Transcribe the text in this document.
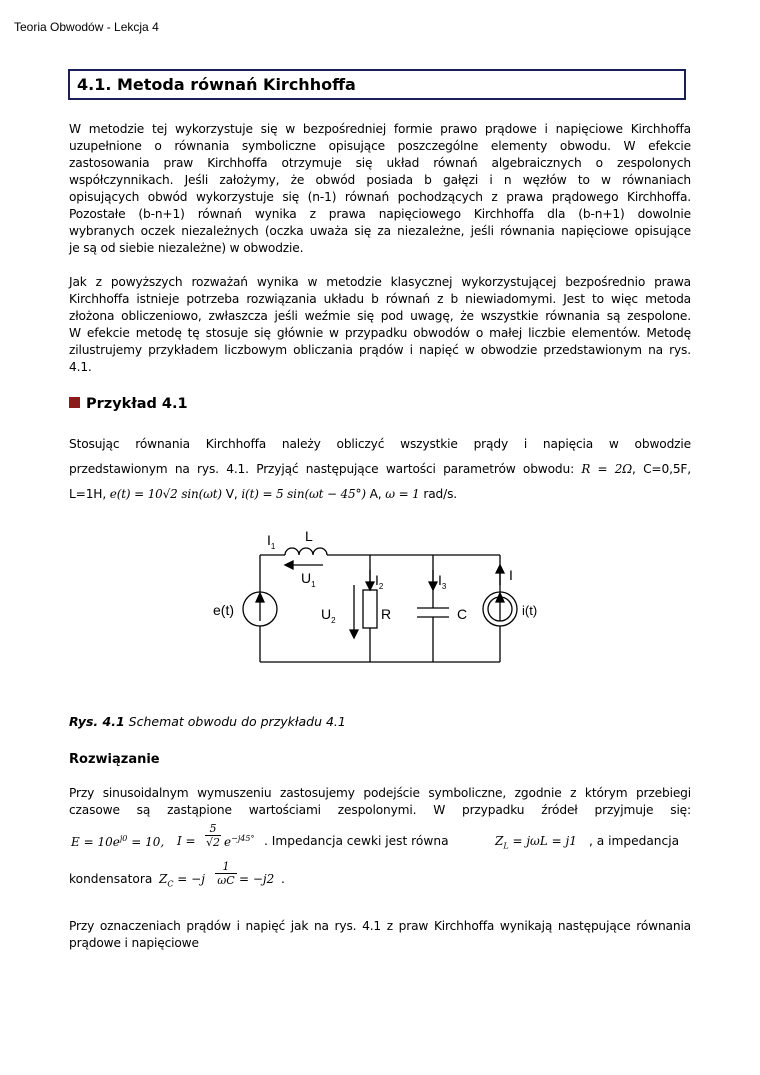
Teoria Obwodów - Lekcja 4
4.1. Metoda równań Kirchhoffa
W metodzie tej wykorzystuje się w bezpośredniej formie prawo prądowe i napięciowe Kirchhoffa
uzupełnione o równania symboliczne opisujące poszczególne elementy obwodu. W efekcie
zastosowania praw Kirchhoffa otrzymuje się układ równań algebraicznych o zespolonych
współczynnikach. Jeśli założymy, że obwód posiada b gałęzi i n węzłów to w równaniach
opisujących obwód wykorzystuje się (n-1) równań pochodzących z prawa prądowego Kirchhoffa.
Pozostałe (b-n+1) równań wynika z prawa napięciowego Kirchhoffa dla (b-n+1) dowolnie
wybranych oczek niezależnych (oczka uważa się za niezależne, jeśli równania napięciowe opisujące
je są od siebie niezależne) w obwodzie.
Jak z powyższych rozważań wynika w metodzie klasycznej wykorzystującej bezpośrednio prawa
Kirchhoffa istnieje potrzeba rozwiązania układu b równań z b niewiadomymi. Jest to więc metoda
złożona obliczeniowo, zwłaszcza jeśli weźmie się pod uwagę, że wszystkie równania są zespolone.
W efekcie metodę tę stosuje się głównie w przypadku obwodów o małej liczbie elementów. Metodę
zilustrujemy przykładem liczbowym obliczania prądów i napięć w obwodzie przedstawionym na rys.
4.1.
Przykład 4.1
Stosując równania Kirchhoffa należy obliczyć wszystkie prądy i napięcia w obwodzie
przedstawionym na rys. 4.1. Przyjąć następujące wartości parametrów obwodu: R = 2Ω, C=0,5F,
L=1H, e(t) = 10√2 sin(ωt) V, i(t) = 5 sin(ωt − 45°) A, ω = 1 rad/s.
$I_1$
L
$U_1$	$I_2$	$I_3$
I
e(t)	$U_2$	R	C	i(t)
Rys. 4.1 Schemat obwodu do przykładu 4.1
Rozwiązanie
Przy sinusoidalnym wymuszeniu zastosujemy podejście symboliczne, zgodnie z którym przebiegi
czasowe są zastąpione wartościami zespolonymi. W przypadku źródeł przyjmuje się:
$E = 10e^{j0} = 10$, I =
5
√2 $e^{-j45^\circ}$ . Impedancja cewki jest równa	$Z_L = j\omega L = j1$ , a impedancja
kondensatora $Z_C = -j$
1
ωC = −j2 .
Przy oznaczeniach prądów i napięć jak na rys. 4.1 z praw Kirchhoffa wynikają następujące równania
prądowe i napięciowe
